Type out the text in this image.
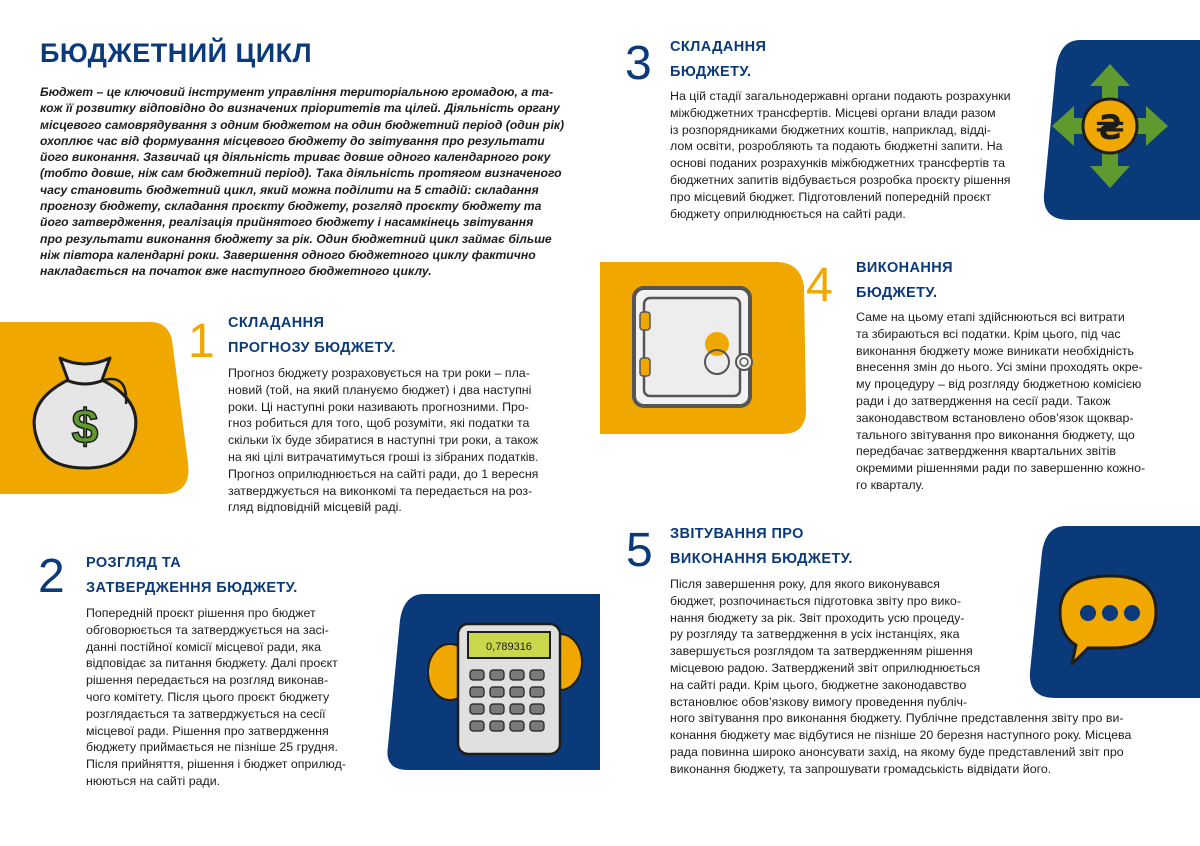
БЮДЖЕТНИЙ ЦИКЛ
Бюджет – це ключовий інструмент управління територіальною громадою, а та-
кож її розвитку відповідно до визначених пріоритетів та цілей. Діяльність органу
місцевого самоврядування з одним бюджетом на один бюджетний період (один рік)
охоплює час від формування місцевого бюджету до звітування про результати
його виконання. Зазвичай ця діяльність триває довше одного календарного року
(тобто довше, ніж сам бюджетний період). Така діяльність протягом визначеного
часу становить бюджетний цикл, який можна поділити на 5 стадій: складання
прогнозу бюджету, складання проєкту бюджету, розгляд проєкту бюджету та
його затвердження, реалізація прийнятого бюджету і насамкінець звітування
про результати виконання бюджету за рік. Один бюджетний цикл займає більше
ніж півтора календарні роки. Завершення одного бюджетного циклу фактично
накладається на початок вже наступного бюджетного циклу.
$
1 СКЛАДАННЯ
ПРОГНОЗУ БЮДЖЕТУ.
Прогноз бюджету розраховується на три роки – пла-
новий (той, на який плануємо бюджет) і два наступні
роки. Ці наступні роки називають прогнозними. Про-
гноз робиться для того, щоб розуміти, які податки та
скільки їх буде збиратися в наступні три роки, а також
на які цілі витрачатимуться гроші із зібраних податків.
Прогноз оприлюднюється на сайті ради, до 1 вересня
затверджується на виконкомі та передається на роз-
гляд відповідній місцевій раді.
2 РОЗГЛЯД ТА
ЗАТВЕРДЖЕННЯ БЮДЖЕТУ.
Попередній проєкт рішення про бюджет
обговорюється та затверджується на засі-
данні постійної комісії місцевої ради, яка
відповідає за питання бюджету. Далі проєкт
рішення передається на розгляд виконав-
чого комітету. Після цього проєкт бюджету
розглядається та затверджується на сесії
місцевої ради. Рішення про затвердження
бюджету приймається не пізніше 25 грудня.
Після прийняття, рішення і бюджет оприлюд-
нюються на сайті ради.
0,789316
3 СКЛАДАННЯ
БЮДЖЕТУ.
На цій стадії загальнодержавні органи подають розрахунки
міжбюджетних трансфертів. Місцеві органи влади разом
із розпорядниками бюджетних коштів, наприклад, відді-
лом освіти, розробляють та подають бюджетні запити. На
основі поданих розрахунків міжбюджетних трансфертів та
бюджетних запитів відбувається розробка проєкту рішення
про місцевий бюджет. Підготовлений попередній проєкт
бюджету оприлюднюється на сайті ради.
₴
4 ВИКОНАННЯ
БЮДЖЕТУ.
Саме на цьому етапі здійснюються всі витрати
та збираються всі податки. Крім цього, під час
виконання бюджету може виникати необхідність
внесення змін до нього. Усі зміни проходять окре-
му процедуру – від розгляду бюджетною комісією
ради і до затвердження на сесії ради. Також
законодавством встановлено обов’язок щоквар-
тального звітування про виконання бюджету, що
передбачає затвердження квартальних звітів
окремими рішеннями ради по завершенню кожно-
го кварталу.
5 ЗВІТУВАННЯ ПРО
ВИКОНАННЯ БЮДЖЕТУ.
Після завершення року, для якого виконувався
бюджет, розпочинається підготовка звіту про вико-
нання бюджету за рік. Звіт проходить усю процеду-
ру розгляду та затвердження в усіх інстанціях, яка
завершується розглядом та затвердженням рішення
місцевою радою. Затверджений звіт оприлюднюється
на сайті ради. Крім цього, бюджетне законодавство
встановлює обов’язкову вимогу проведення публіч-
ного звітування про виконання бюджету. Публічне представлення звіту про ви-
конання бюджету має відбутися не пізніше 20 березня наступного року. Місцева
рада повинна широко анонсувати захід, на якому буде представлений звіт про
виконання бюджету, та запрошувати громадськість відвідати його.
